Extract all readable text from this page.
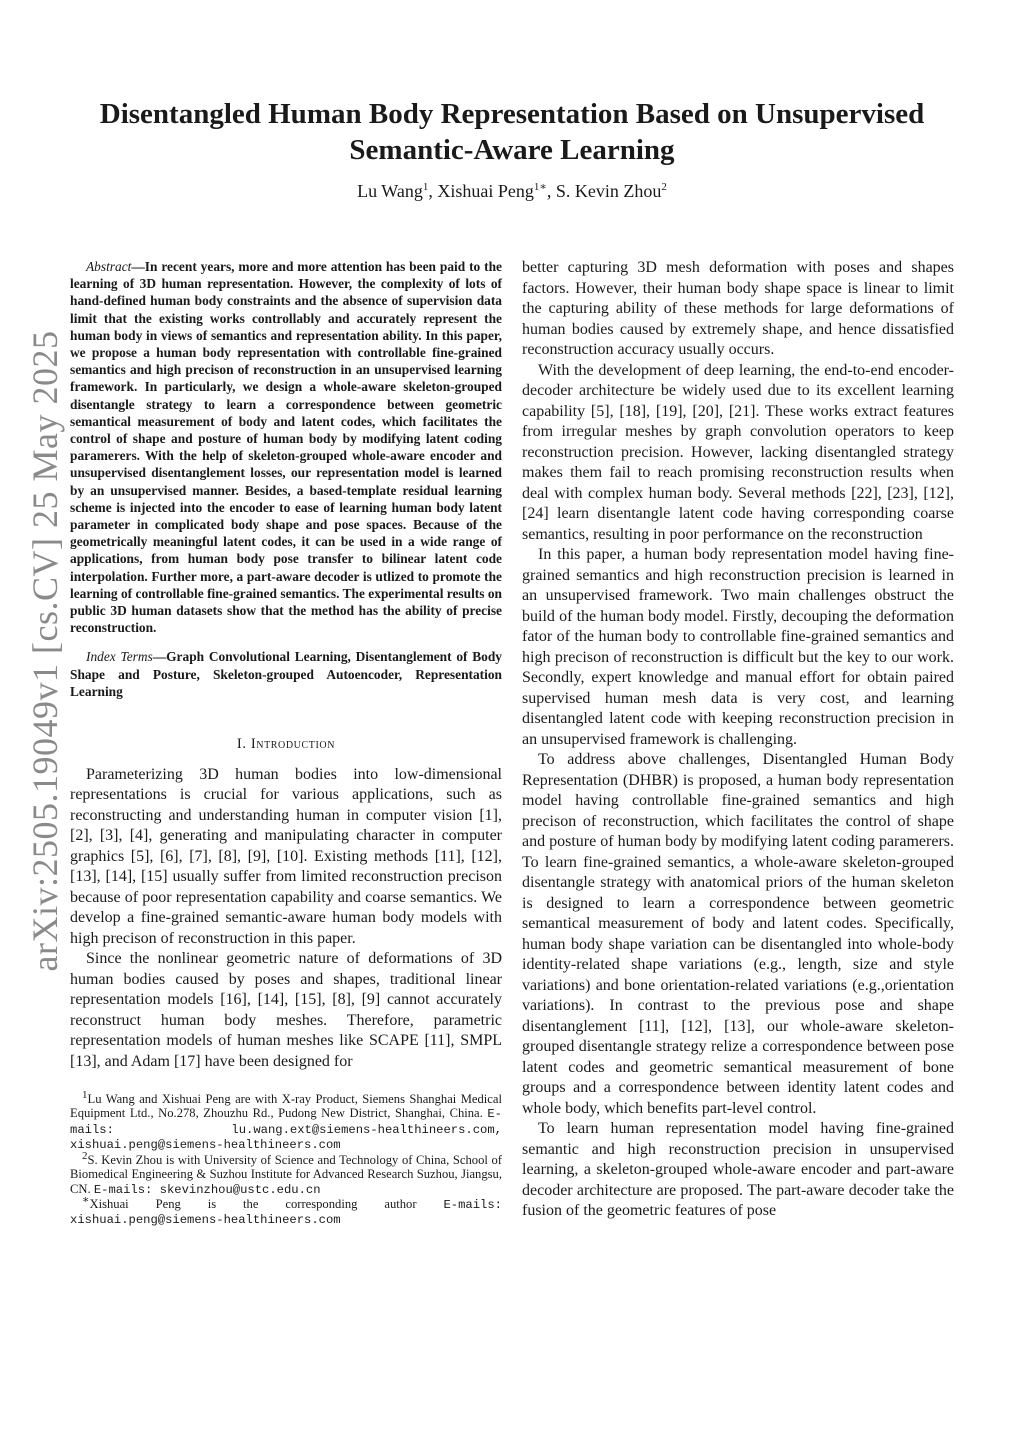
arXiv:2505.19049v1 [cs.CV] 25 May 2025
Disentangled Human Body Representation Based on Unsupervised Semantic-Aware Learning
Lu Wang$^1$, Xishuai Peng$^{1∗}$, S. Kevin Zhou$^2$

Abstract—In recent years, more and more attention has been paid to the learning of 3D human representation. However, the complexity of lots of hand-defined human body constraints and the absence of supervision data limit that the existing works controllably and accurately represent the human body in views of semantics and representation ability. In this paper, we propose a human body representation with controllable fine-grained semantics and high precison of reconstruction in an unsupervised learning framework. In particularly, we design a whole-aware skeleton-grouped disentangle strategy to learn a correspondence between geometric semantical measurement of body and latent codes, which facilitates the control of shape and posture of human body by modifying latent coding paramerers. With the help of skeleton-grouped whole-aware encoder and unsupervised disentanglement losses, our representation model is learned by an unsupervised manner. Besides, a based-template residual learning scheme is injected into the encoder to ease of learning human body latent parameter in complicated body shape and pose spaces. Because of the geometrically meaningful latent codes, it can be used in a wide range of applications, from human body pose transfer to bilinear latent code interpolation. Further more, a part-aware decoder is utlized to promote the learning of controllable fine-grained semantics. The experimental results on public 3D human datasets show that the method has the ability of precise reconstruction.

Index Terms—Graph Convolutional Learning, Disentanglement of Body Shape and Posture, Skeleton-grouped Autoencoder, Representation Learning

I. Introduction

Parameterizing 3D human bodies into low-dimensional representations is crucial for various applications, such as reconstructing and understanding human in computer vision [1], [2], [3], [4], generating and manipulating character in computer graphics [5], [6], [7], [8], [9], [10]. Existing methods [11], [12], [13], [14], [15] usually suffer from limited reconstruction precison because of poor representation capability and coarse semantics. We develop a fine-grained semantic-aware human body models with high precison of reconstruction in this paper.

Since the nonlinear geometric nature of deformations of 3D human bodies caused by poses and shapes, traditional linear representation models [16], [14], [15], [8], [9] cannot accurately reconstruct human body meshes. Therefore, parametric representation models of human meshes like SCAPE [11], SMPL [13], and Adam [17] have been designed for

$^1$Lu Wang and Xishuai Peng are with X-ray Product, Siemens Shanghai Medical Equipment Ltd., No.278, Zhouzhu Rd., Pudong New District, Shanghai, China. E-mails:	lu.wang.ext@siemens-healthineers.com, xishuai.peng@siemens-healthineers.com

$^2$S. Kevin Zhou is with University of Science and Technology of China, School of Biomedical Engineering & Suzhou Institute for Advanced Research Suzhou, Jiangsu, CN. E-mails: skevinzhou@ustc.edu.cn

∗Xishuai Peng is the corresponding author E-mails: xishuai.peng@siemens-healthineers.com

better capturing 3D mesh deformation with poses and shapes factors. However, their human body shape space is linear to limit the capturing ability of these methods for large deformations of human bodies caused by extremely shape, and hence dissatisfied reconstruction accuracy usually occurs.

With the development of deep learning, the end-to-end encoder-decoder architecture be widely used due to its excellent learning capability [5], [18], [19], [20], [21]. These works extract features from irregular meshes by graph convolution operators to keep reconstruction precision. However, lacking disentangled strategy makes them fail to reach promising reconstruction results when deal with complex human body. Several methods [22], [23], [12], [24] learn disentangle latent code having corresponding coarse semantics, resulting in poor performance on the reconstruction

In this paper, a human body representation model having fine-grained semantics and high reconstruction precision is learned in an unsupervised framework. Two main challenges obstruct the build of the human body model. Firstly, decouping the deformation fator of the human body to controllable fine-grained semantics and high precison of reconstruction is difficult but the key to our work. Secondly, expert knowledge and manual effort for obtain paired supervised human mesh data is very cost, and learning disentangled latent code with keeping reconstruction precision in an unsupervised framework is challenging.

To address above challenges, Disentangled Human Body Representation (DHBR) is proposed, a human body representation model having controllable fine-grained semantics and high precison of reconstruction, which facilitates the control of shape and posture of human body by modifying latent coding paramerers. To learn fine-grained semantics, a whole-aware skeleton-grouped disentangle strategy with anatomical priors of the human skeleton is designed to learn a correspondence between geometric semantical measurement of body and latent codes. Specifically, human body shape variation can be disentangled into whole-body identity-related shape variations (e.g., length, size and style variations) and bone orientation-related variations (e.g.,orientation variations). In contrast to the previous pose and shape disentanglement [11], [12], [13], our whole-aware skeleton-grouped disentangle strategy relize a correspondence between pose latent codes and geometric semantical measurement of bone groups and a correspondence between identity latent codes and whole body, which benefits part-level control.

To learn human representation model having fine-grained semantic and high reconstruction precision in unsupervised learning, a skeleton-grouped whole-aware encoder and part-aware decoder architecture are proposed. The part-aware decoder take the fusion of the geometric features of pose
